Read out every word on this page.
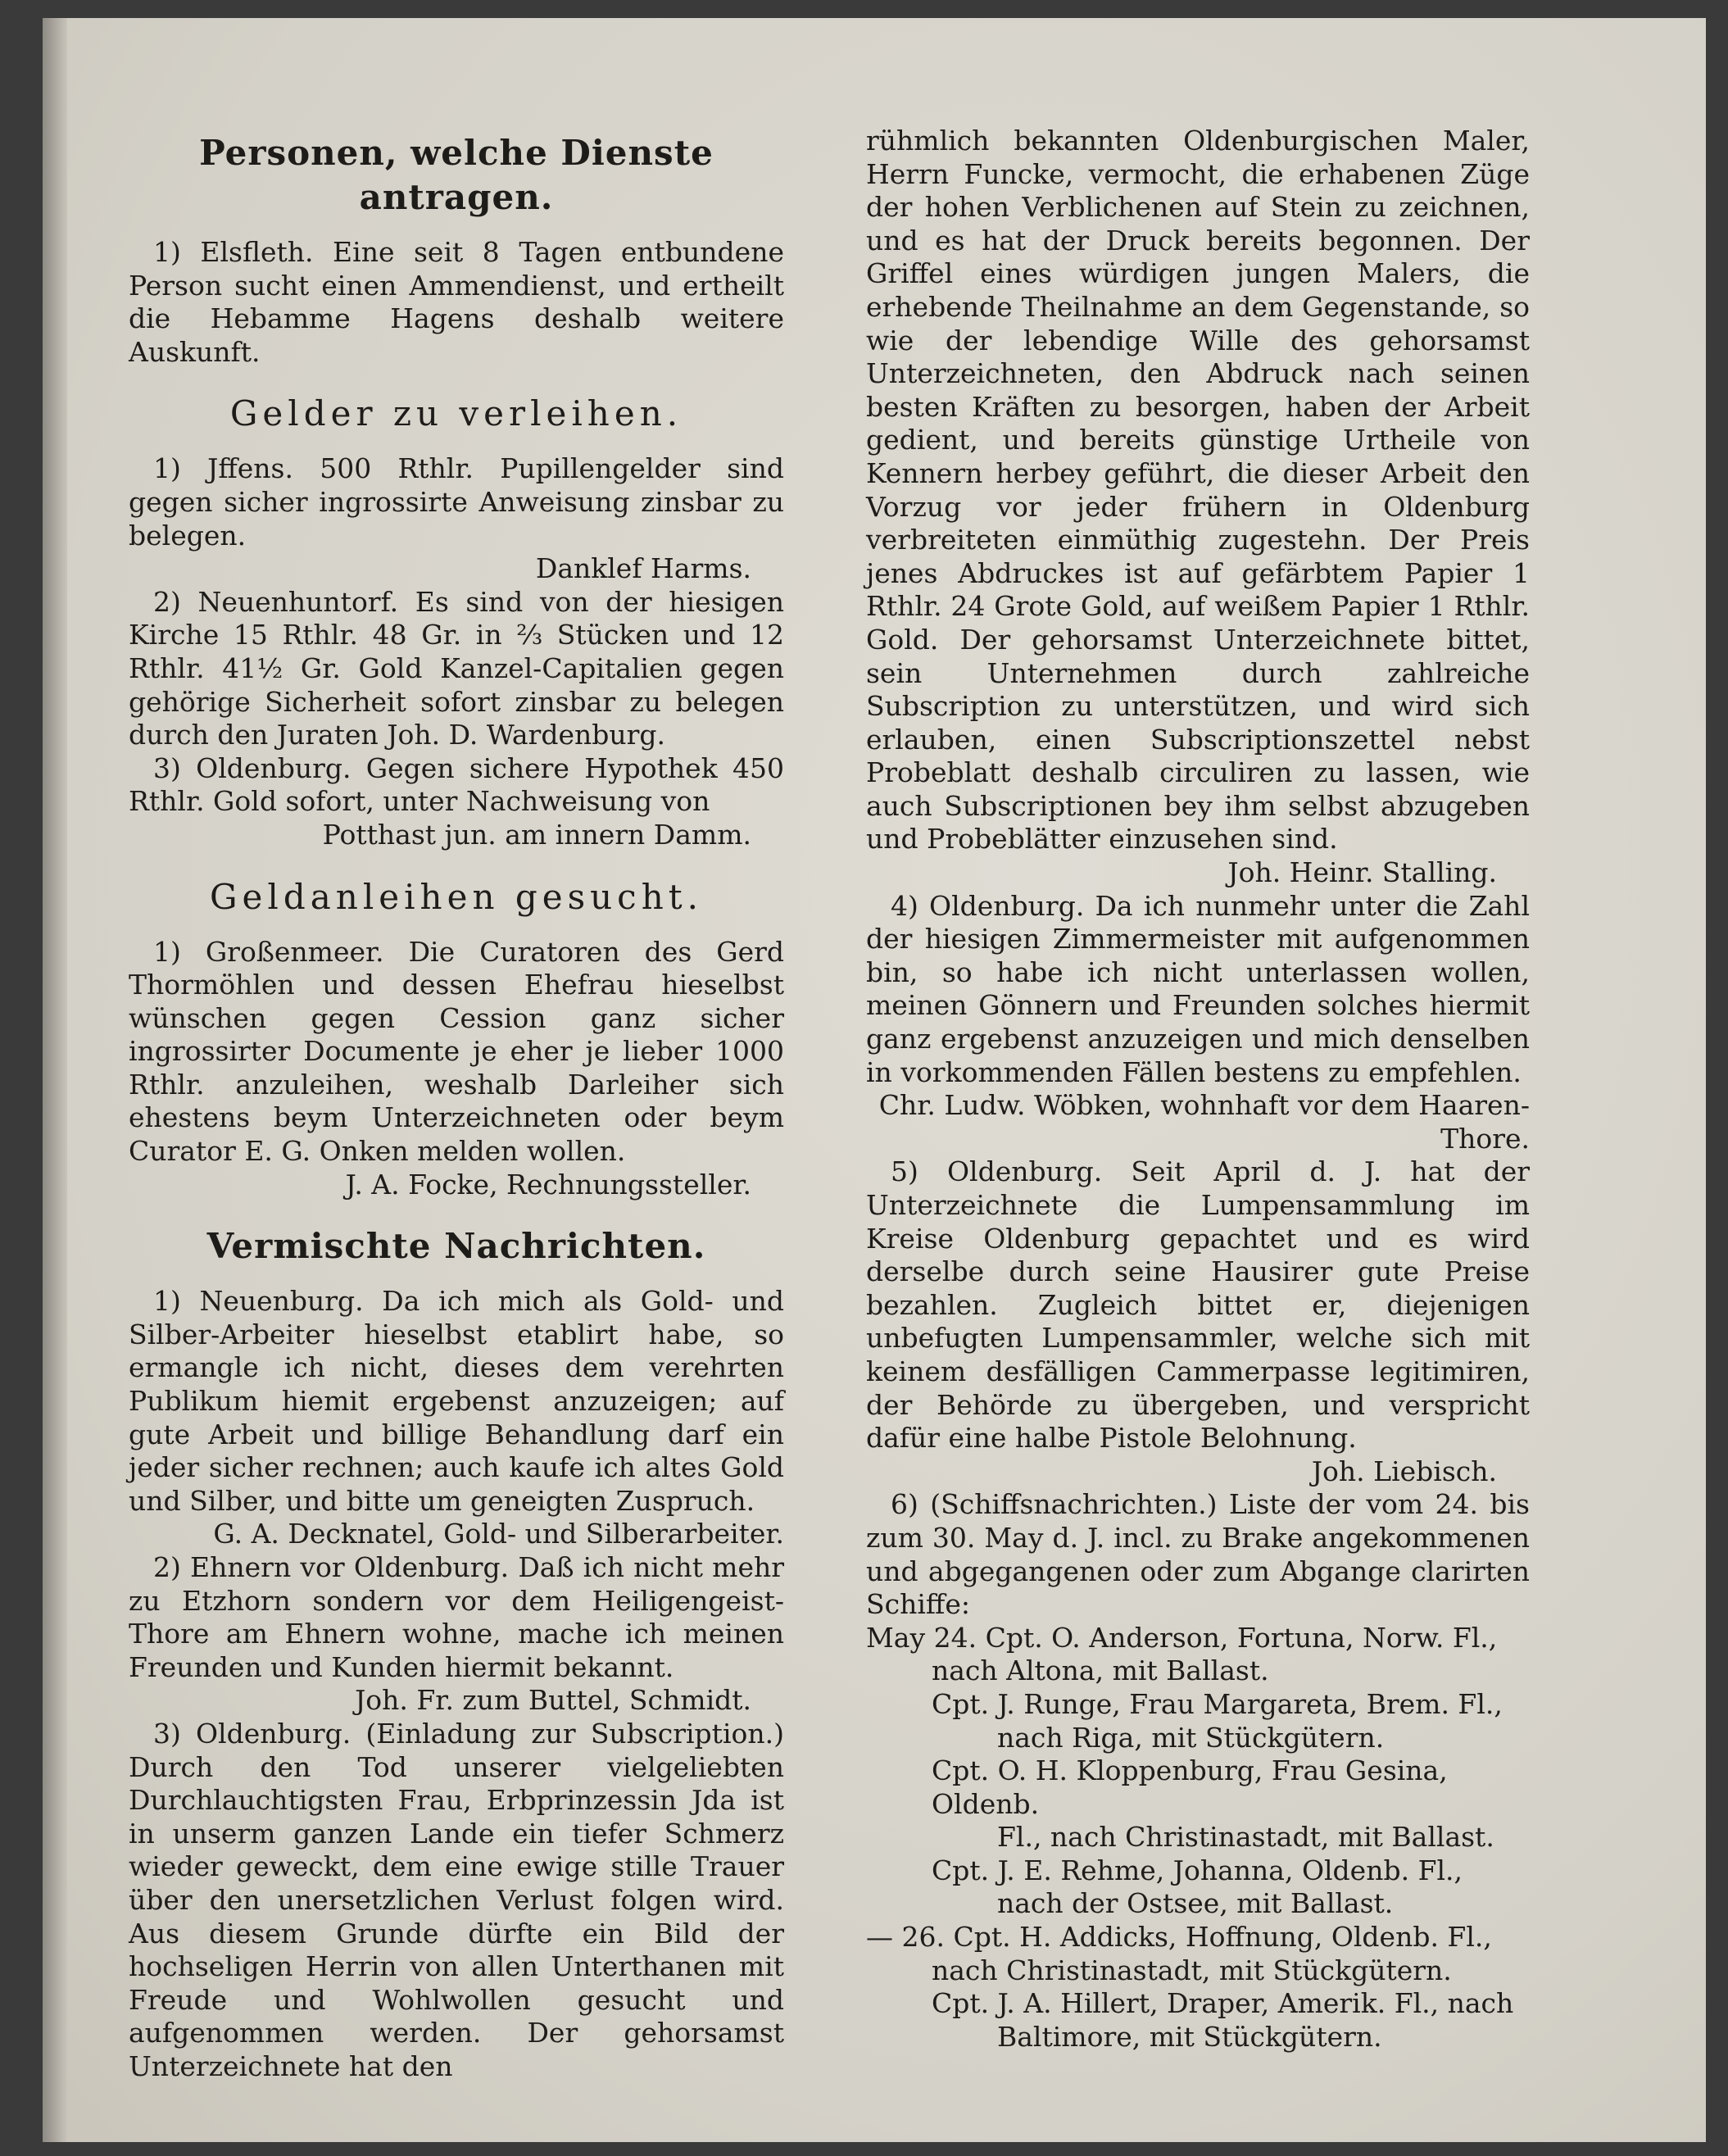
Personen, welche Dienste antragen.

1) Elsfleth. Eine seit 8 Tagen entbundene Person sucht einen Ammendienst, und ertheilt die Hebamme Hagens deshalb weitere Auskunft.

Gelder zu verleihen.

1) Jffens. 500 Rthlr. Pupillengelder sind gegen sicher ingrossirte Anweisung zinsbar zu belegen.

Danklef Harms.

2) Neuenhuntorf. Es sind von der hiesigen Kirche 15 Rthlr. 48 Gr. in ⅔ Stücken und 12 Rthlr. 41½ Gr. Gold Kanzel-Capitalien gegen gehörige Sicherheit sofort zinsbar zu belegen durch den Juraten Joh. D. Wardenburg.

3) Oldenburg. Gegen sichere Hypothek 450 Rthlr. Gold sofort, unter Nachweisung von

Potthast jun. am innern Damm.
Geldanleihen gesucht.

1) Großenmeer. Die Curatoren des Gerd Thormöhlen und dessen Ehefrau hieselbst wünschen gegen Cession ganz sicher ingrossirter Documente je eher je lieber 1000 Rthlr. anzuleihen, weshalb Darleiher sich ehestens beym Unterzeichneten oder beym Curator E. G. Onken melden wollen.

J. A. Focke, Rechnungssteller.
Vermischte Nachrichten.

1) Neuenburg. Da ich mich als Gold- und Silber-Arbeiter hieselbst etablirt habe, so ermangle ich nicht, dieses dem verehrten Publikum hiemit ergebenst anzuzeigen; auf gute Arbeit und billige Behandlung darf ein jeder sicher rechnen; auch kaufe ich altes Gold und Silber, und bitte um geneigten Zuspruch.

G. A. Decknatel, Gold- und Silberarbeiter.

2) Ehnern vor Oldenburg. Daß ich nicht mehr zu Etzhorn sondern vor dem Heiligengeist-Thore am Ehnern wohne, mache ich meinen Freunden und Kunden hiermit bekannt.

Joh. Fr. zum Buttel, Schmidt.

3) Oldenburg. (Einladung zur Subscription.) Durch den Tod unserer vielgeliebten Durchlauchtigsten Frau, Erbprinzessin Jda ist in unserm ganzen Lande ein tiefer Schmerz wieder geweckt, dem eine ewige stille Trauer über den unersetzlichen Verlust folgen wird. Aus diesem Grunde dürfte ein Bild der hochseligen Herrin von allen Unterthanen mit Freude und Wohlwollen gesucht und aufgenommen werden. Der gehorsamst Unterzeichnete hat den

rühmlich bekannten Oldenburgischen Maler, Herrn Funcke, vermocht, die erhabenen Züge der hohen Verblichenen auf Stein zu zeichnen, und es hat der Druck bereits begonnen. Der Griffel eines würdigen jungen Malers, die erhebende Theilnahme an dem Gegenstande, so wie der lebendige Wille des gehorsamst Unterzeichneten, den Abdruck nach seinen besten Kräften zu besorgen, haben der Arbeit gedient, und bereits günstige Urtheile von Kennern herbey geführt, die dieser Arbeit den Vorzug vor jeder frühern in Oldenburg verbreiteten einmüthig zugestehn. Der Preis jenes Abdruckes ist auf gefärbtem Papier 1 Rthlr. 24 Grote Gold, auf weißem Papier 1 Rthlr. Gold. Der gehorsamst Unterzeichnete bittet, sein Unternehmen durch zahlreiche Subscription zu unterstützen, und wird sich erlauben, einen Subscriptionszettel nebst Probeblatt deshalb circuliren zu lassen, wie auch Subscriptionen bey ihm selbst abzugeben und Probeblätter einzusehen sind.

Joh. Heinr. Stalling.

4) Oldenburg. Da ich nunmehr unter die Zahl der hiesigen Zimmermeister mit aufgenommen bin, so habe ich nicht unterlassen wollen, meinen Gönnern und Freunden solches hiermit ganz ergebenst anzuzeigen und mich denselben in vorkommenden Fällen bestens zu empfehlen.

Chr. Ludw. Wöbken, wohnhaft vor dem Haaren-Thore.

5) Oldenburg. Seit April d. J. hat der Unterzeichnete die Lumpensammlung im Kreise Oldenburg gepachtet und es wird derselbe durch seine Hausirer gute Preise bezahlen. Zugleich bittet er, diejenigen unbefugten Lumpensammler, welche sich mit keinem desfälligen Cammerpasse legitimiren, der Behörde zu übergeben, und verspricht dafür eine halbe Pistole Belohnung.

Joh. Liebisch.

6) (Schiffsnachrichten.) Liste der vom 24. bis zum 30. May d. J. incl. zu Brake angekommenen und abgegangenen oder zum Abgange clarirten Schiffe:

May 24. Cpt. O. Anderson, Fortuna, Norw. Fl.,
nach Altona, mit Ballast.
Cpt. J. Runge, Frau Margareta, Brem. Fl.,
nach Riga, mit Stückgütern.
Cpt. O. H. Kloppenburg, Frau Gesina, Oldenb.
Fl., nach Christinastadt, mit Ballast.
Cpt. J. E. Rehme, Johanna, Oldenb. Fl.,
nach der Ostsee, mit Ballast.
— 26. Cpt. H. Addicks, Hoffnung, Oldenb. Fl.,
nach Christinastadt, mit Stückgütern.
Cpt. J. A. Hillert, Draper, Amerik. Fl., nach
Baltimore, mit Stückgütern.
